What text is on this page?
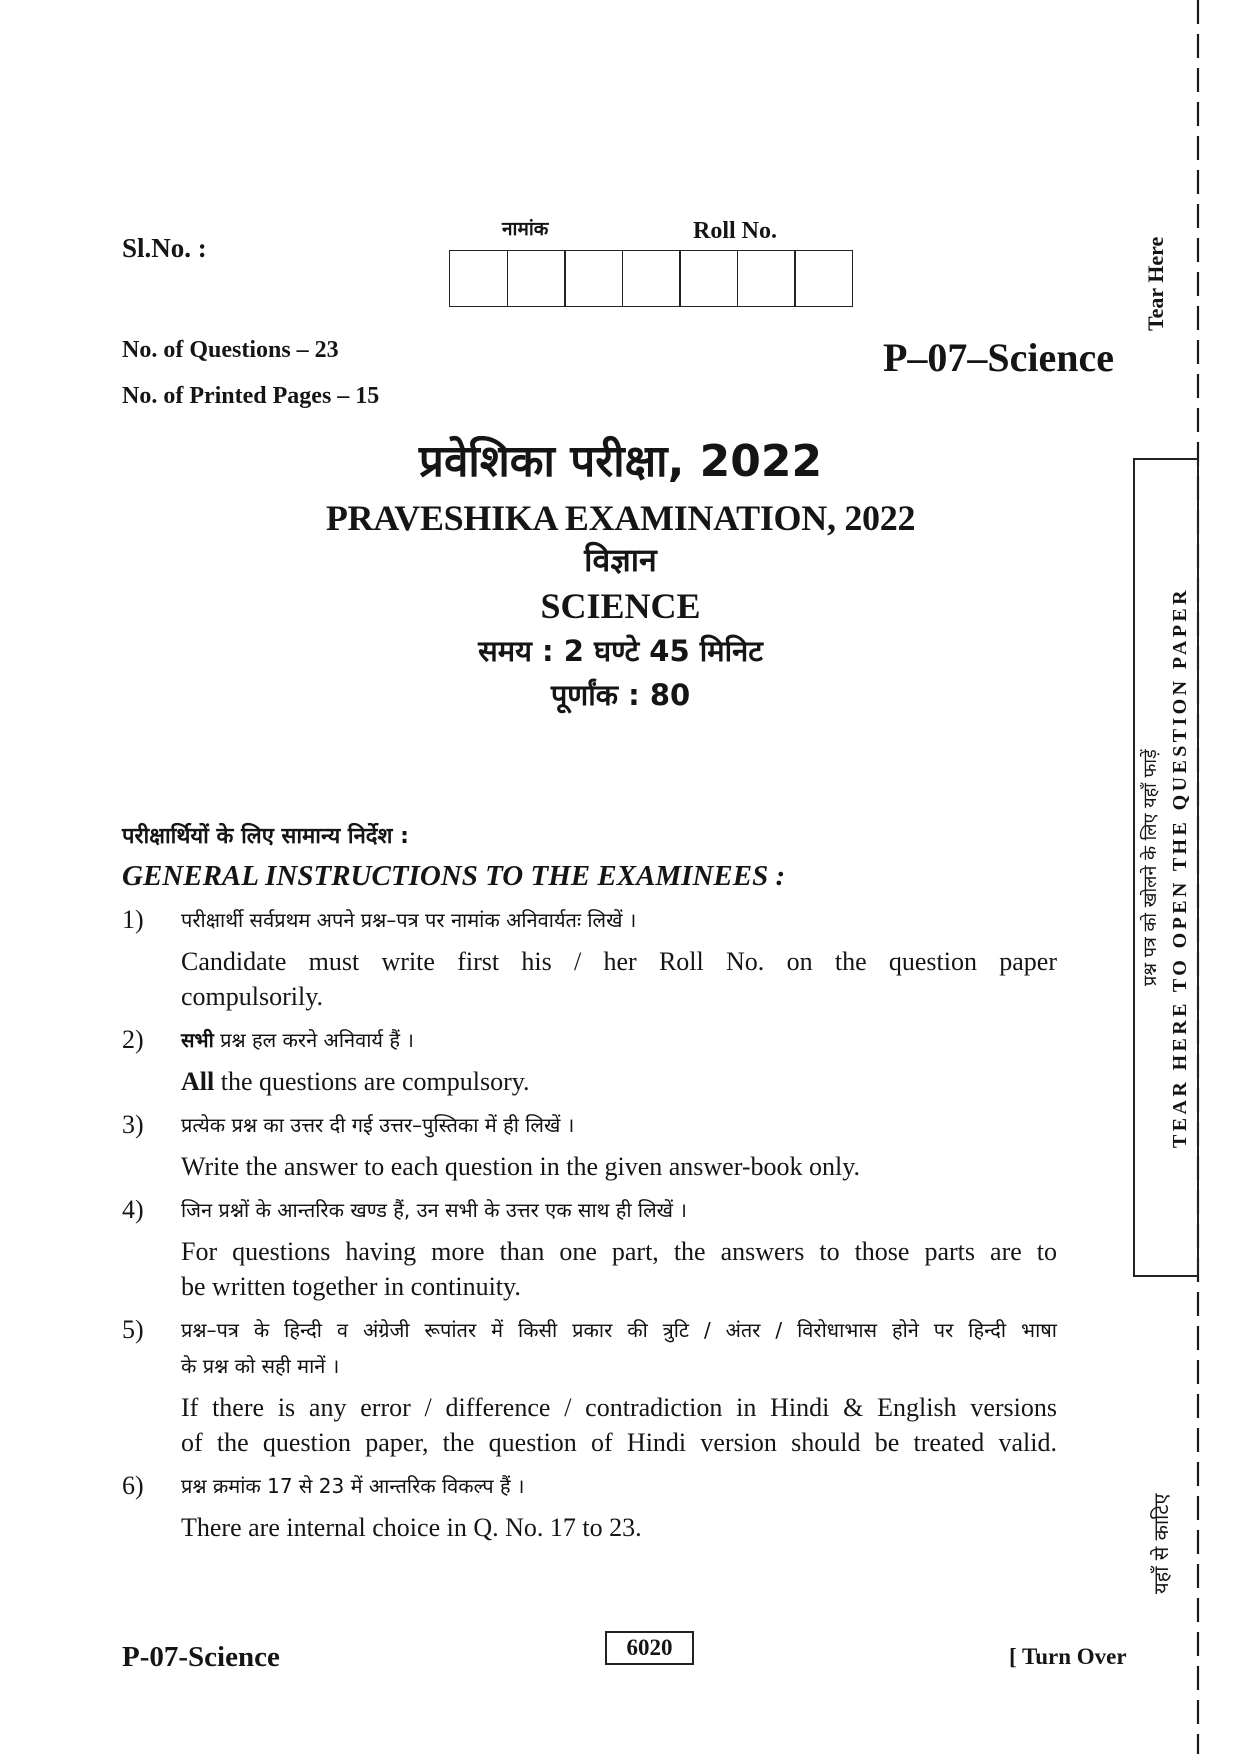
Sl.No. :
नामांक	Roll No.
No. of Questions – 23
No. of Printed Pages – 15
P–07–Science
प्रवेशिका परीक्षा, 2022
PRAVESHIKA EXAMINATION, 2022
विज्ञान
SCIENCE
समय : 2 घण्टे 45 मिनिट
पूर्णांक : 80
परीक्षार्थियों के लिए सामान्य निर्देश :
GENERAL INSTRUCTIONS TO THE EXAMINEES :
1) परीक्षार्थी सर्वप्रथम अपने प्रश्न–पत्र पर नामांक अनिवार्यतः लिखें ।
Candidate must write first his / her Roll No. on the question paper
compulsorily.
2) सभी प्रश्न हल करने अनिवार्य हैं ।
All the questions are compulsory.
3) प्रत्येक प्रश्न का उत्तर दी गई उत्तर–पुस्तिका में ही लिखें ।
Write the answer to each question in the given answer-book only.
4) जिन प्रश्नों के आन्तरिक खण्ड हैं, उन सभी के उत्तर एक साथ ही लिखें ।
For questions having more than one part, the answers to those parts are to
be written together in continuity.
5) प्रश्न–पत्र के हिन्दी व अंग्रेजी रूपांतर में किसी प्रकार की त्रुटि / अंतर / विरोधाभास होने पर हिन्दी भाषा
के प्रश्न को सही मानें ।
If there is any error / difference / contradiction in Hindi & English versions
of the question paper, the question of Hindi version should be treated valid.
6) प्रश्न क्रमांक 17 से 23 में आन्तरिक विकल्प हैं ।
There are internal choice in Q. No. 17 to 23.
P-07-Science	6020	[ Turn Over
Tear Here
प्रश्न पत्र को खोलने के लिए यहाँ फाड़ें TEAR HERE TO OPEN THE QUESTION PAPER
यहाँ से काटिए
